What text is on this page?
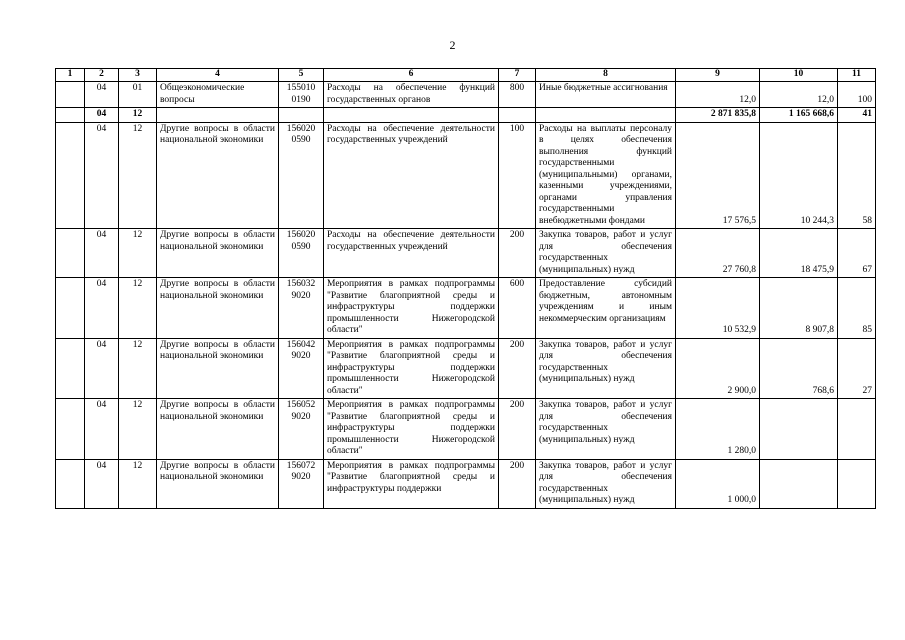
2
1	2	3	4	5	6	7	8	9	10	11
	04	01	Общеэкономические вопросы	155010 0190	Расходы на обеспечение функций государственных органов	800	Иные бюджетные ассигнования	12,0	12,0	100
	04	12						2 871 835,8	1 165 668,6	41
	04	12	Другие вопросы в области национальной экономики	156020 0590	Расходы на обеспечение деятельности государственных учреждений	100	Расходы на выплаты персоналу в целях обеспечения выполнения функций государственными (муниципальными) органами, казенными учреждениями, органами управления государственными внебюджетными фондами	17 576,5	10 244,3	58
	04	12	Другие вопросы в области национальной экономики	156020 0590	Расходы на обеспечение деятельности государственных учреждений	200	Закупка товаров, работ и услуг для обеспечения государственных (муниципальных) нужд	27 760,8	18 475,9	67
	04	12	Другие вопросы в области национальной экономики	156032 9020	Мероприятия в рамках подпрограммы "Развитие благоприятной среды и инфраструктуры поддержки промышленности Нижегородской области"	600	Предоставление субсидий бюджетным, автономным учреждениям и иным некоммерческим организациям	10 532,9	8 907,8	85
	04	12	Другие вопросы в области национальной экономики	156042 9020	Мероприятия в рамках подпрограммы "Развитие благоприятной среды и инфраструктуры поддержки промышленности Нижегородской области"	200	Закупка товаров, работ и услуг для обеспечения государственных (муниципальных) нужд	2 900,0	768,6	27
	04	12	Другие вопросы в области национальной экономики	156052 9020	Мероприятия в рамках подпрограммы "Развитие благоприятной среды и инфраструктуры поддержки промышленности Нижегородской области"	200	Закупка товаров, работ и услуг для обеспечения государственных (муниципальных) нужд	1 280,0		
	04	12	Другие вопросы в области национальной экономики	156072 9020	Мероприятия в рамках подпрограммы "Развитие благоприятной среды и инфраструктуры поддержки	200	Закупка товаров, работ и услуг для обеспечения государственных (муниципальных) нужд	1 000,0		
